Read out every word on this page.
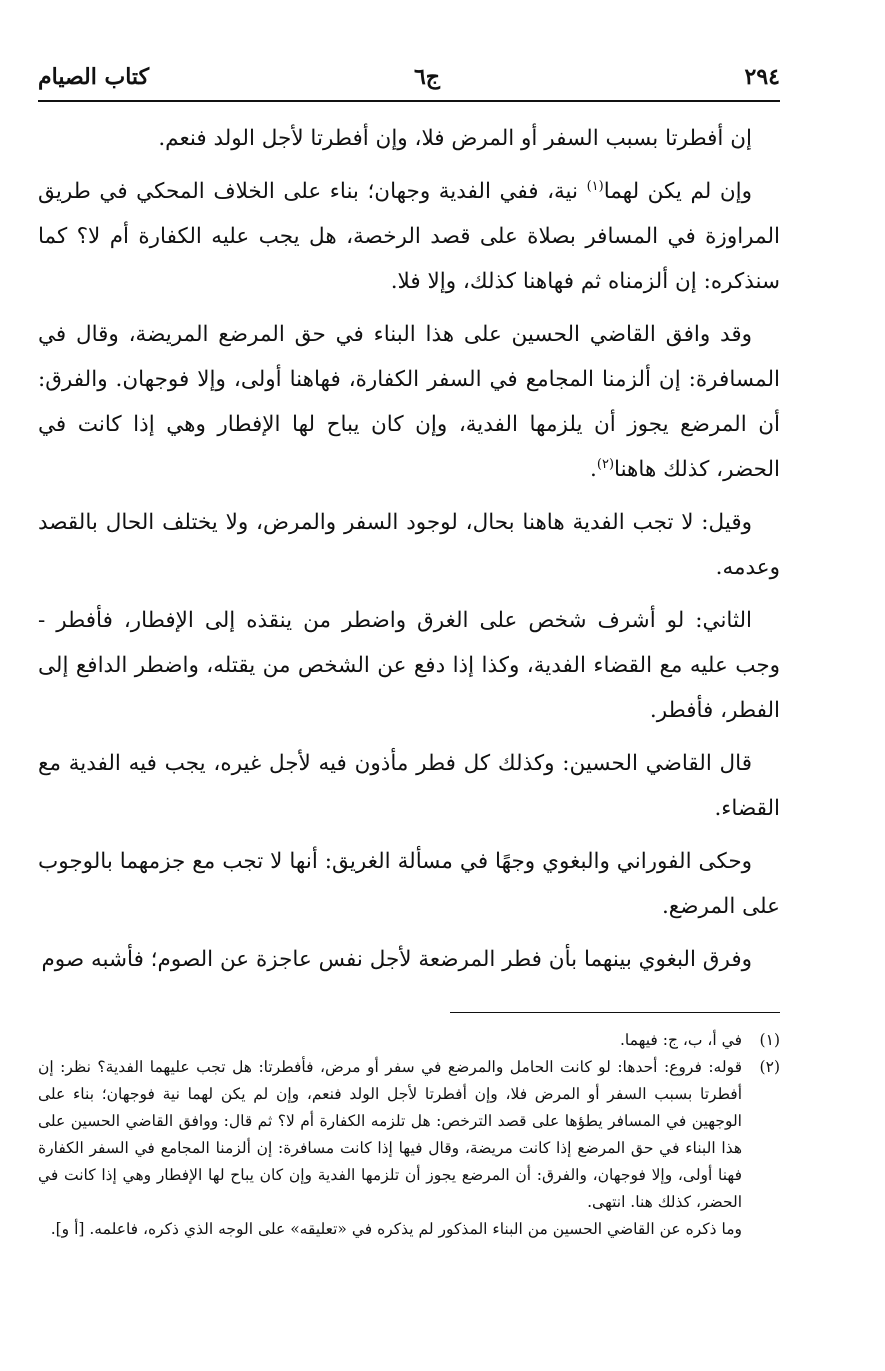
٢٩٤
ج٦
كتاب الصيام

إن أفطرتا بسبب السفر أو المرض فلا، وإن أفطرتا لأجل الولد فنعم.

وإن لم يكن لهما$^{(١)}$ نية، ففي الفدية وجهان؛ بناء على الخلاف المحكي في طريق المراوزة في المسافر بصلاة على قصد الرخصة، هل يجب عليه الكفارة أم لا؟ كما سنذكره: إن ألزمناه ثم فهاهنا كذلك، وإلا فلا.

وقد وافق القاضي الحسين على هذا البناء في حق المرضع المريضة، وقال في المسافرة: إن ألزمنا المجامع في السفر الكفارة، فهاهنا أولى، وإلا فوجهان. والفرق: أن المرضع يجوز أن يلزمها الفدية، وإن كان يباح لها الإفطار وهي إذا كانت في الحضر، كذلك هاهنا$^{(٢)}$.

وقيل: لا تجب الفدية هاهنا بحال، لوجود السفر والمرض، ولا يختلف الحال بالقصد وعدمه.

الثاني: لو أشرف شخص على الغرق واضطر من ينقذه إلى الإفطار، فأفطر - وجب عليه مع القضاء الفدية، وكذا إذا دفع عن الشخص من يقتله، واضطر الدافع إلى الفطر، فأفطر.

قال القاضي الحسين: وكذلك كل فطر مأذون فيه لأجل غيره، يجب فيه الفدية مع القضاء.

وحكى الفوراني والبغوي وجهًا في مسألة الغريق: أنها لا تجب مع جزمهما بالوجوب على المرضع.

وفرق البغوي بينهما بأن فطر المرضعة لأجل نفس عاجزة عن الصوم؛ فأشبه صوم

(١)
في أ، ب، ج: فيهما.
(٢)
قوله: فروع: أحدها: لو كانت الحامل والمرضع في سفر أو مرض، فأفطرتا: هل تجب عليهما الفدية؟ نظر: إن أفطرتا بسبب السفر أو المرض فلا، وإن أفطرتا لأجل الولد فنعم، وإن لم يكن لهما نية فوجهان؛ بناء على الوجهين في المسافر يطؤها على قصد الترخص: هل تلزمه الكفارة أم لا؟ ثم قال: ووافق القاضي الحسين على هذا البناء في حق المرضع إذا كانت مريضة، وقال فيها إذا كانت مسافرة: إن ألزمنا المجامع في السفر الكفارة فهنا أولى، وإلا فوجهان، والفرق: أن المرضع يجوز أن تلزمها الفدية وإن كان يباح لها الإفطار وهي إذا كانت في الحضر، كذلك هنا. انتهى.
وما ذكره عن القاضي الحسين من البناء المذكور لم يذكره في «تعليقه» على الوجه الذي ذكره، فاعلمه. [أ و].
